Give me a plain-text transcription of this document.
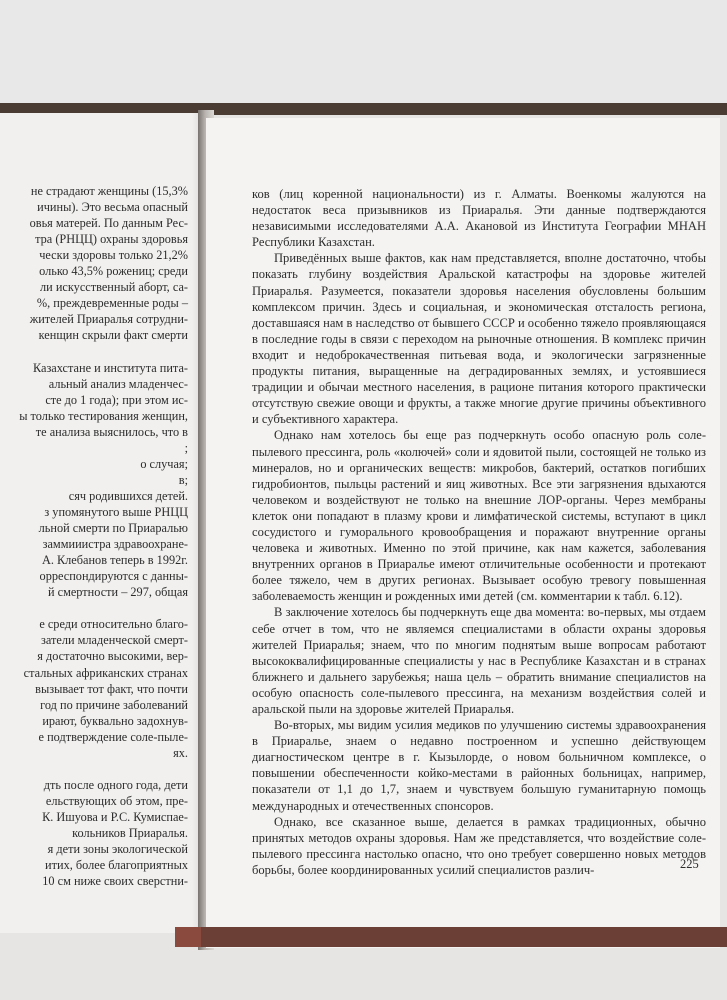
не страдают женщины (15,3%
ичины). Это весьма опасный
овья матерей. По данным Рес-
тра (РНЦЦ) охраны здоровья
чески здоровы только 21,2%
олько 43,5% рожениц; среди
ли искусственный аборт, са-
%, преждевременные роды –
жителей Приаралья сотрудни-
кенщин скрыли факт смерти
Казахстане и института пита-
альный анализ младенчес-
сте до 1 года); при этом ис-
ы только тестирования женщин,
те анализа выяснилось, что в
;
о случая;
в;
сяч родившихся детей.
з упомянутого выше РНЦЦ
льной смерти по Приаралью
заммииистра здравоохране-
А. Клебанов теперь в 1992г.
орреспондируются с данны-
й смертности – 297, общая
е среди относительно благо-
затели младенческой смерт-
я достаточно высокими, вер-
стальных африканских странах
вызывает тот факт, что почти
год по причине заболеваний
ирают, буквально задохнув-
е подтверждение соле-пыле-
ях.
дть после одного года, дети
ельствующих об этом, пре-
К. Ишуова и Р.С. Кумиспае-
кольников Приаралья.
я дети зоны экологической
итих, более благоприятных
10 см ниже своих сверстни-

ков (лиц коренной национальности) из г. Алматы. Военкомы жалуются на недостаток веса призывников из Приаралья. Эти данные подтверждаются независимыми исследователями А.А. Акановой из Института Географии МНАН Республики Казахстан.

Приведённых выше фактов, как нам представляется, вполне достаточно, чтобы показать глубину воздействия Аральской катастрофы на здоровье жителей Приаралья. Разумеется, показатели здоровья населения обусловлены большим комплексом причин. Здесь и социальная, и экономическая отсталость региона, доставшаяся нам в наследство от бывшего СССР и особенно тяжело проявляющаяся в последние годы в связи с переходом на рыночные отношения. В комплекс причин входит и недоброкачественная питьевая вода, и экологически загрязненные продукты питания, выращенные на деградированных землях, и устоявшиеся традиции и обычаи местного населения, в рационе питания которого практически отсутствую свежие овощи и фрукты, а также многие другие причины объективного и субъективного характера.

Однако нам хотелось бы еще раз подчеркнуть особо опасную роль соле-пылевого прессинга, роль «колючей» соли и ядовитой пыли, состоящей не только из минералов, но и органических веществ: микробов, бактерий, остатков погибших гидробионтов, пыльцы растений и яиц животных. Все эти загрязнения вдыхаются человеком и воздействуют не только на внешние ЛОР-органы. Через мембраны клеток они попадают в плазму крови и лимфатической системы, вступают в цикл сосудистого и гуморального кровообращения и поражают внутренние органы человека и животных. Именно по этой причине, как нам кажется, заболевания внутренних органов в Приаралье имеют отличительные особенности и протекают более тяжело, чем в других регионах. Вызывает особую тревогу повышенная заболеваемость женщин и рожденных ими детей (см. комментарии к табл. 6.12).

В заключение хотелось бы подчеркнуть еще два момента: во-первых, мы отдаем себе отчет в том, что не являемся специалистами в области охраны здоровья жителей Приаралья; знаем, что по многим поднятым выше вопросам работают высококвалифицированные специалисты у нас в Республике Казахстан и в странах ближнего и дальнего зарубежья; наша цель – обратить внимание специалистов на особую опасность соле-пылевого прессинга, на механизм воздействия солей и аральской пыли на здоровье жителей Приаралья.

Во-вторых, мы видим усилия медиков по улучшению системы здравоохранения в Приаралье, знаем о недавно построенном и успешно действующем диагностическом центре в г. Кызылорде, о новом больничном комплексе, о повышении обеспеченности койко-местами в районных больницах, например, показатели от 1,1 до 1,7, знаем и чувствуем большую гуманитарную помощь международных и отечественных спонсоров.

Однако, все сказанное выше, делается в рамках традиционных, обычно принятых методов охраны здоровья. Нам же представляется, что воздействие соле-пылевого прессинга настолько опасно, что оно требует совершенно новых методов борьбы, более координированных усилий специалистов различ-	225
